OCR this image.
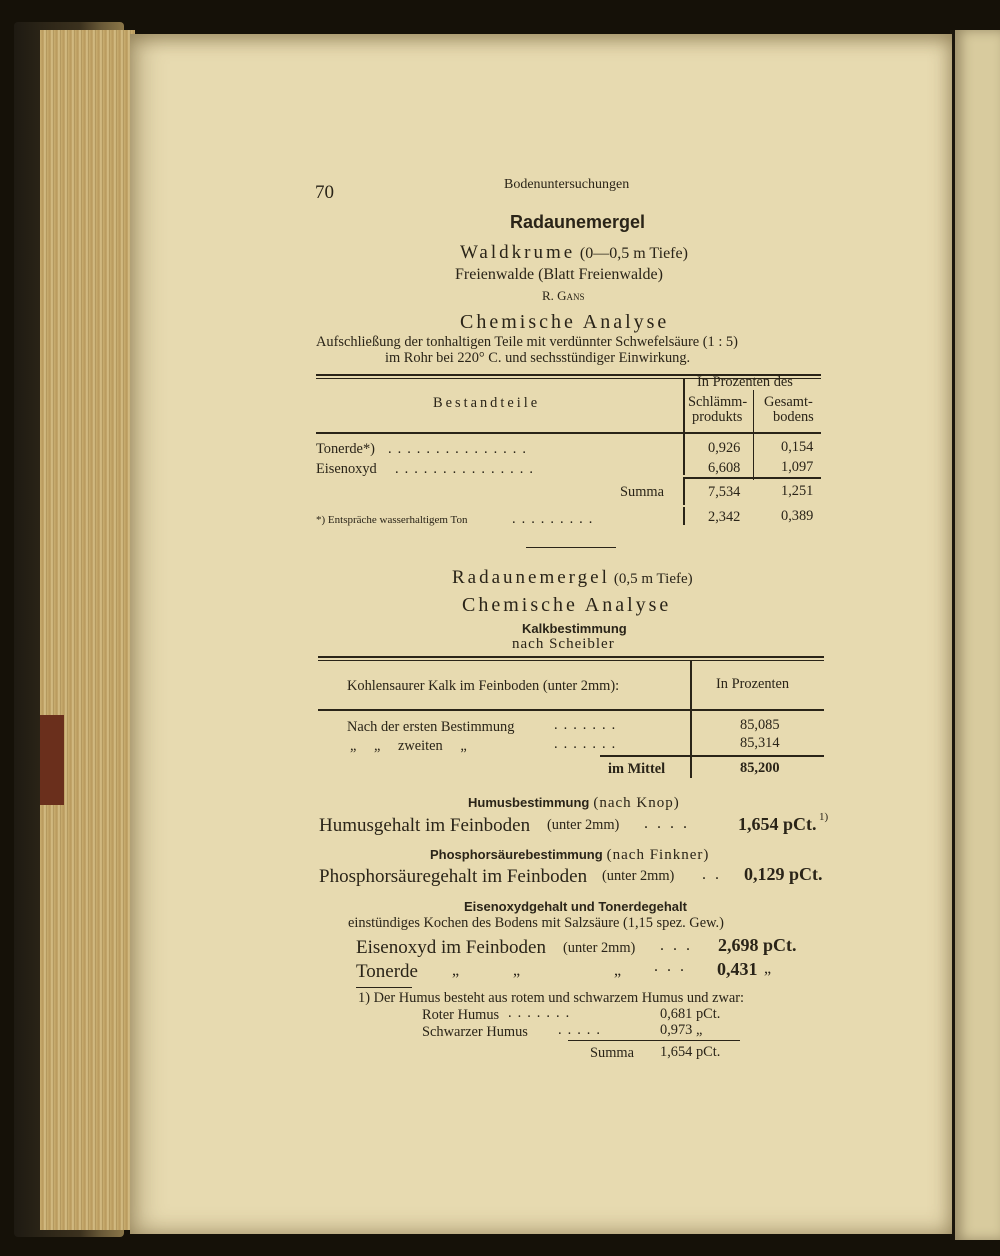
70	Bodenuntersuchungen
Radaunemergel
Waldkrume (0—0,5 m Tiefe)
Freienwalde (Blatt Freienwalde)
R. Gans
Chemische Analyse
Aufschließung der tonhaltigen Teile mit verdünnter Schwefelsäure (1 : 5)
im Rohr bei 220° C. und sechsstündiger Einwirkung.
Bestandteile
In Prozenten des
Schlämm-
produkts
Gesamt-
bodens
Tonerde*) ...............	0,926	0,154
Eisenoxyd ...............	6,608	1,097
Summa	7,534	1,251
*) Entspräche wasserhaltigem Ton	.........	2,342	0,389
Radaunemergel (0,5 m Tiefe)
Chemische Analyse
Kalkbestimmung
nach Scheibler
Kohlensaurer Kalk im Feinboden (unter 2mm):	In Prozenten
Nach der ersten Bestimmung	.......	85,085
„ „ zweiten „	.......	85,314
im Mittel	85,200
Humusbestimmung (nach Knop)
Humusgehalt im Feinboden (unter 2mm) .... 1,654 pCt. 1)
Phosphorsäurebestimmung (nach Finkner)
Phosphorsäuregehalt im Feinboden (unter 2mm) .. 0,129 pCt.
Eisenoxydgehalt und Tonerdegehalt
einstündiges Kochen des Bodens mit Salzsäure (1,15 spez. Gew.)
Eisenoxyd im Feinboden (unter 2mm) ... 2,698 pCt.
Tonerde „	„	„ ... 0,431 „
1) Der Humus besteht aus rotem und schwarzem Humus und zwar:
Roter Humus .......	0,681 pCt.
Schwarzer Humus .....	0,973 „
Summa 1,654 pCt.
